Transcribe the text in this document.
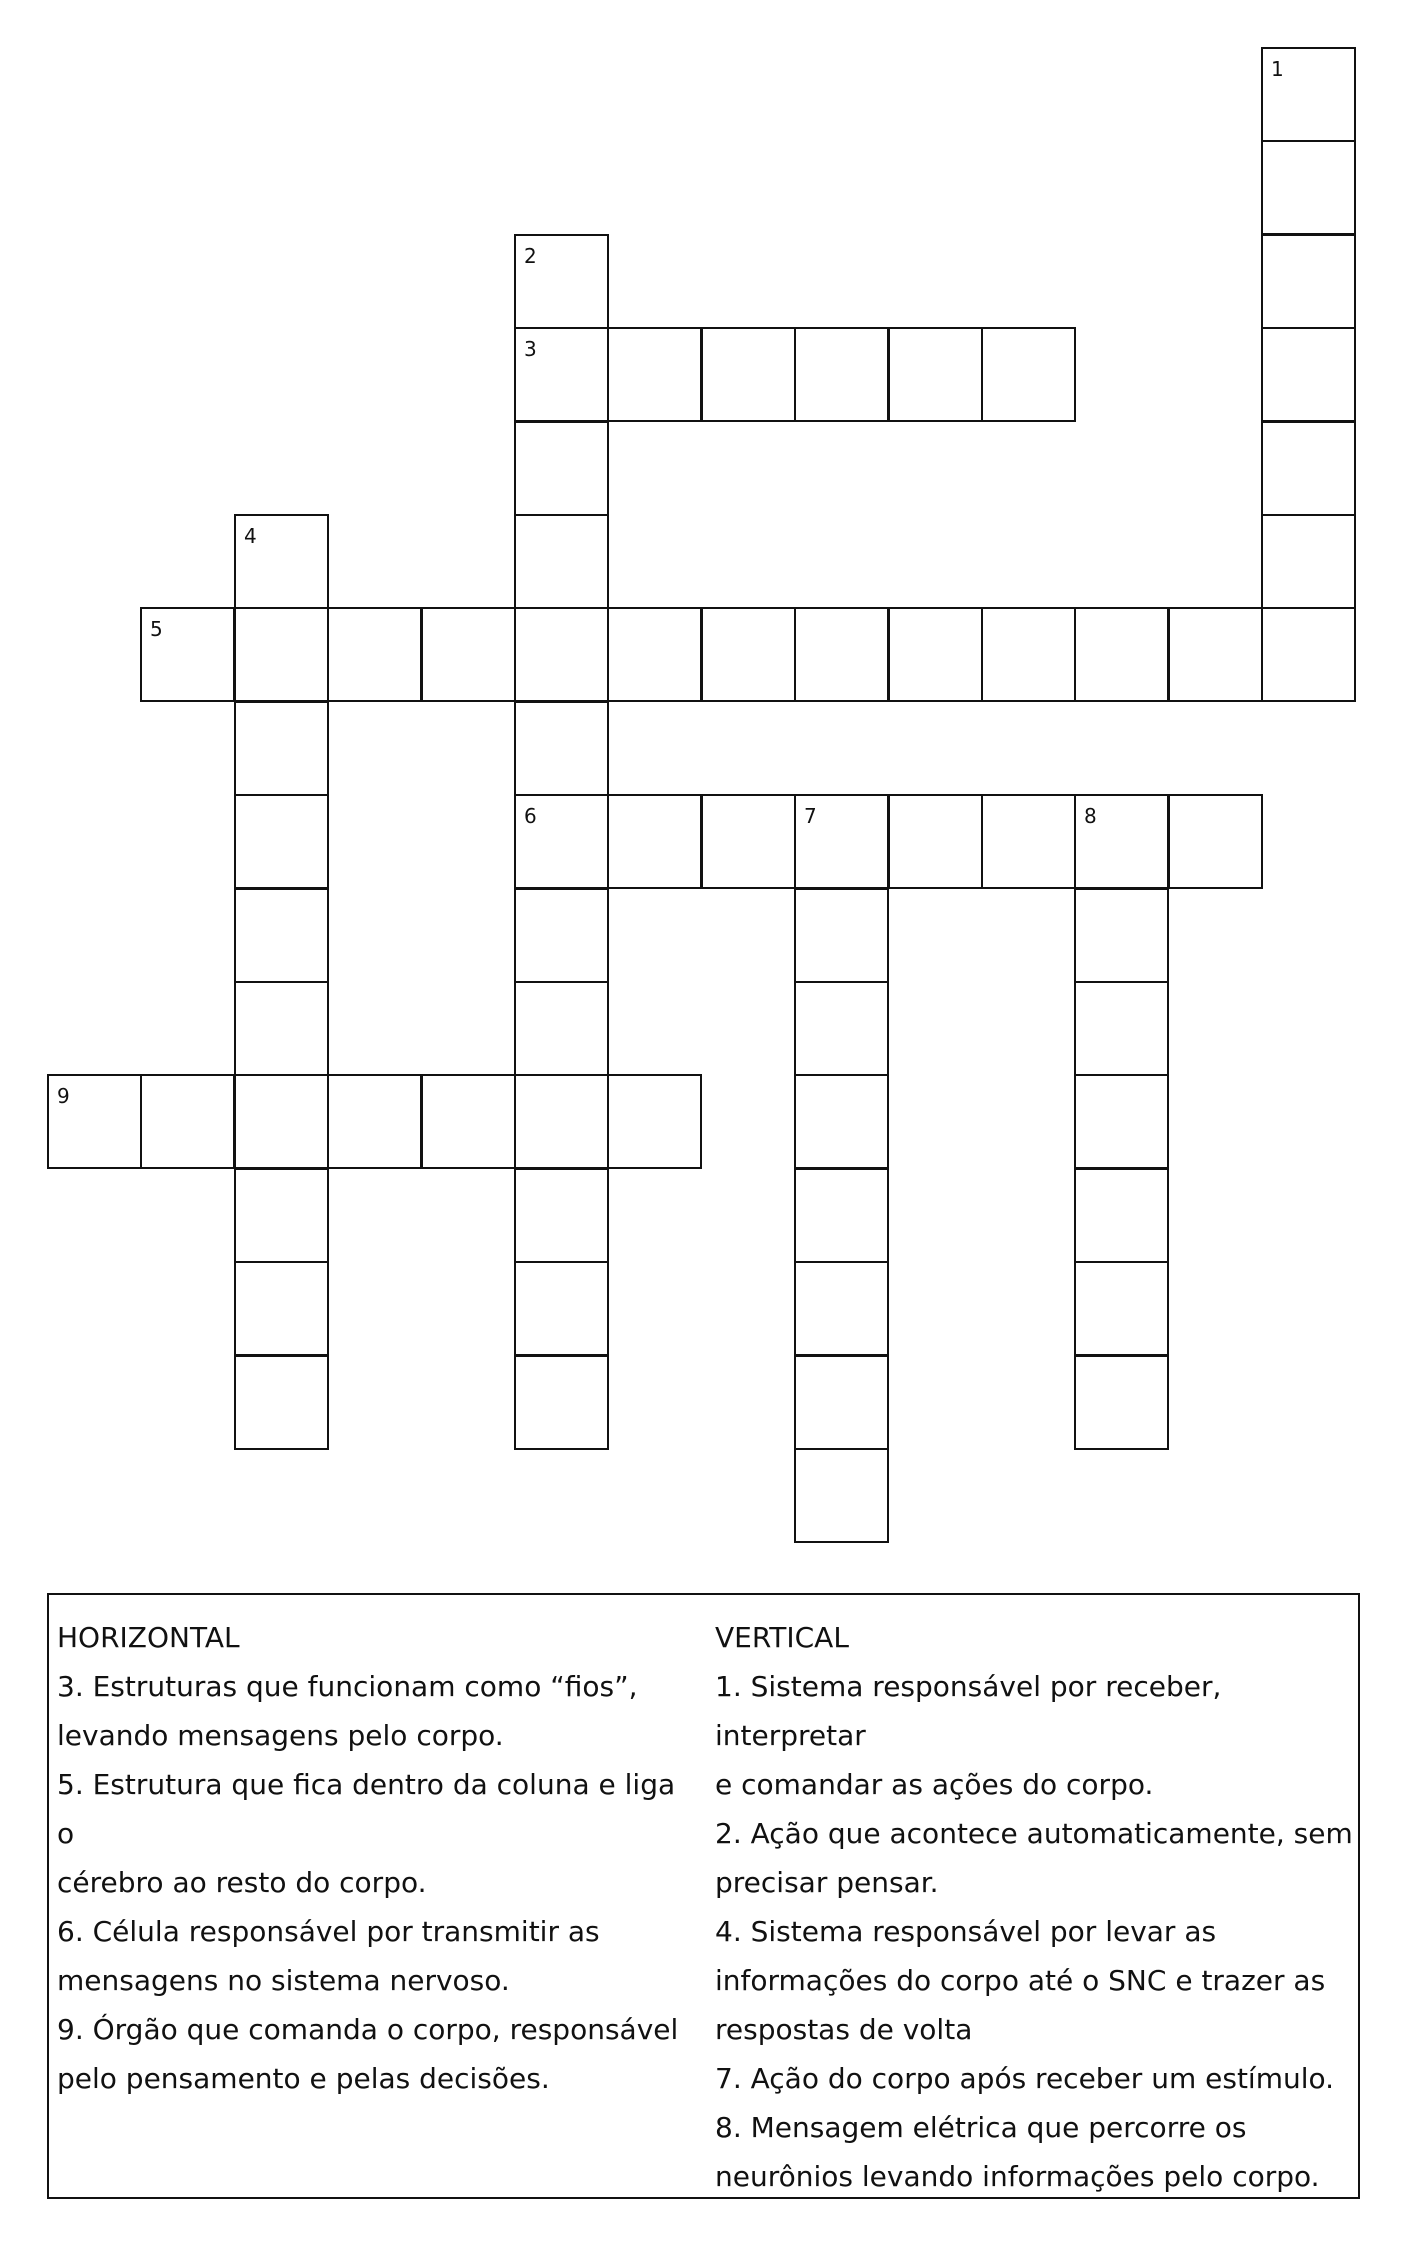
1
2
3
6
4
5
7	8
9
HORIZONTAL
3. Estruturas que funcionam como “fios”,
levando mensagens pelo corpo.
5. Estrutura que fica dentro da coluna e liga o
cérebro ao resto do corpo.
6. Célula responsável por transmitir as
mensagens no sistema nervoso.
9. Órgão que comanda o corpo, responsável
pelo pensamento e pelas decisões.
VERTICAL
1. Sistema responsável por receber, interpretar
e comandar as ações do corpo.
2. Ação que acontece automaticamente, sem
precisar pensar.
4. Sistema responsável por levar as
informações do corpo até o SNC e trazer as
respostas de volta
7. Ação do corpo após receber um estímulo.
8. Mensagem elétrica que percorre os
neurônios levando informações pelo corpo.
